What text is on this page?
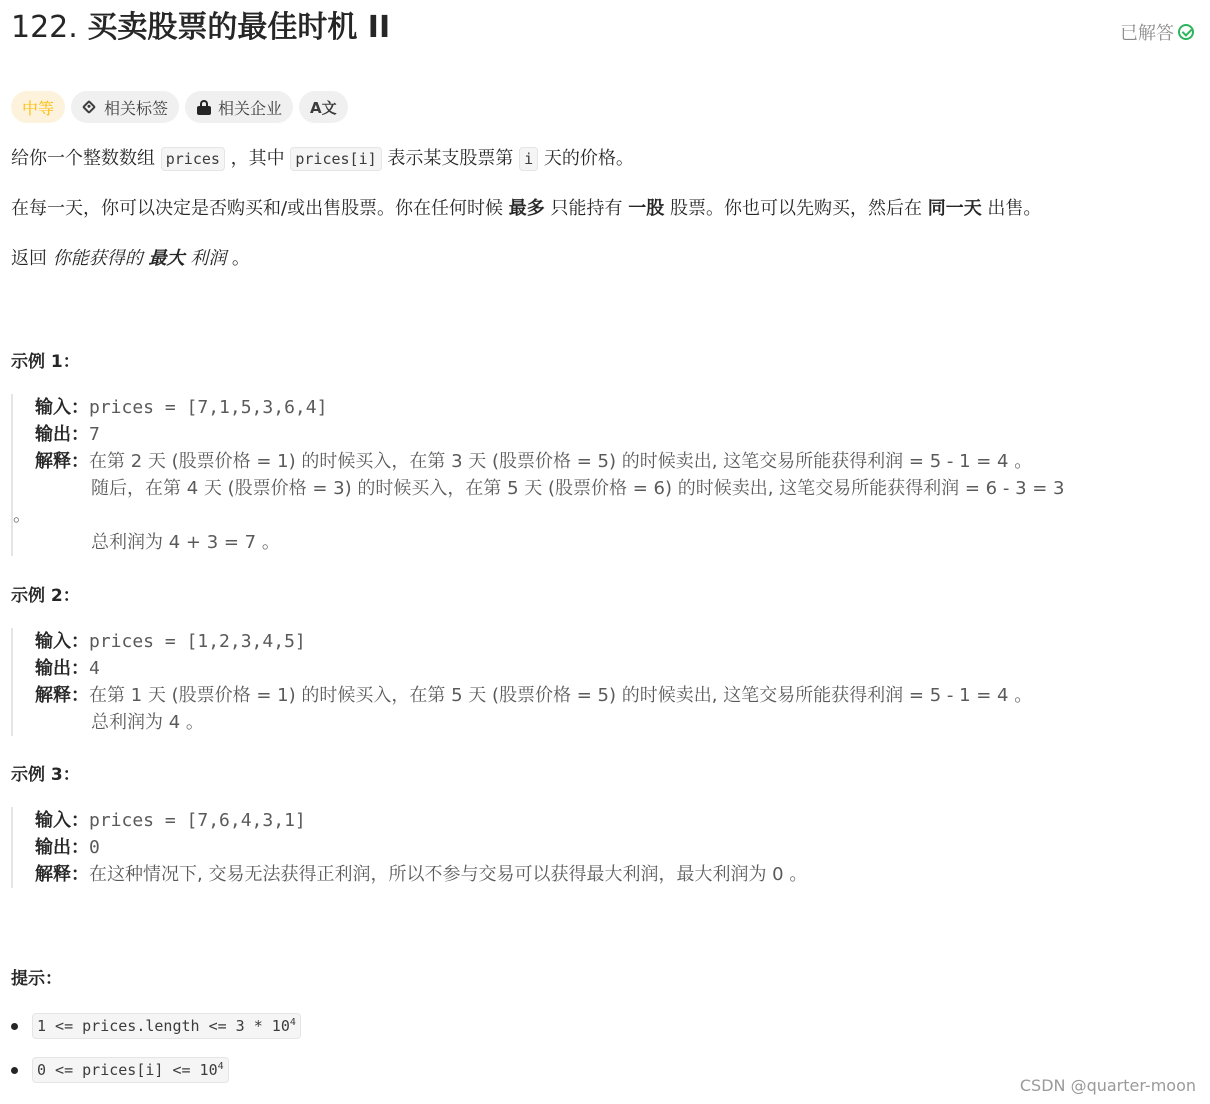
122. 买卖股票的最佳时机 II	已解答
中等	相关标签	相关企业 A文
给你一个整数数组 prices ，其中 prices[i] 表示某支股票第 i 天的价格。
在每一天，你可以决定是否购买和/或出售股票。你在任何时候 最多 只能持有 一股 股票。你也可以先购买，然后在 同一天 出售。
返回 你能获得的 最大 利润 。
示例 1：
输入：prices = [7,1,5,3,6,4]
输出：7
解释：在第 2 天 (股票价格 = 1) 的时候买入，在第 3 天 (股票价格 = 5) 的时候卖出, 这笔交易所能获得利润 = 5 - 1 = 4 。
随后，在第 4 天 (股票价格 = 3) 的时候买入，在第 5 天 (股票价格 = 6) 的时候卖出, 这笔交易所能获得利润 = 6 - 3 = 3
。
总利润为 4 + 3 = 7 。
示例 2：
输入：prices = [1,2,3,4,5]
输出：4
解释：在第 1 天 (股票价格 = 1) 的时候买入，在第 5 天 (股票价格 = 5) 的时候卖出, 这笔交易所能获得利润 = 5 - 1 = 4 。
总利润为 4 。
示例 3：
输入：prices = [7,6,4,3,1]
输出：0
解释：在这种情况下, 交易无法获得正利润，所以不参与交易可以获得最大利润，最大利润为 0 。
提示：
1 <= prices.length <= $3 * 10^4$
0 <= prices[i] <= $10^4$
CSDN @quarter-moon
